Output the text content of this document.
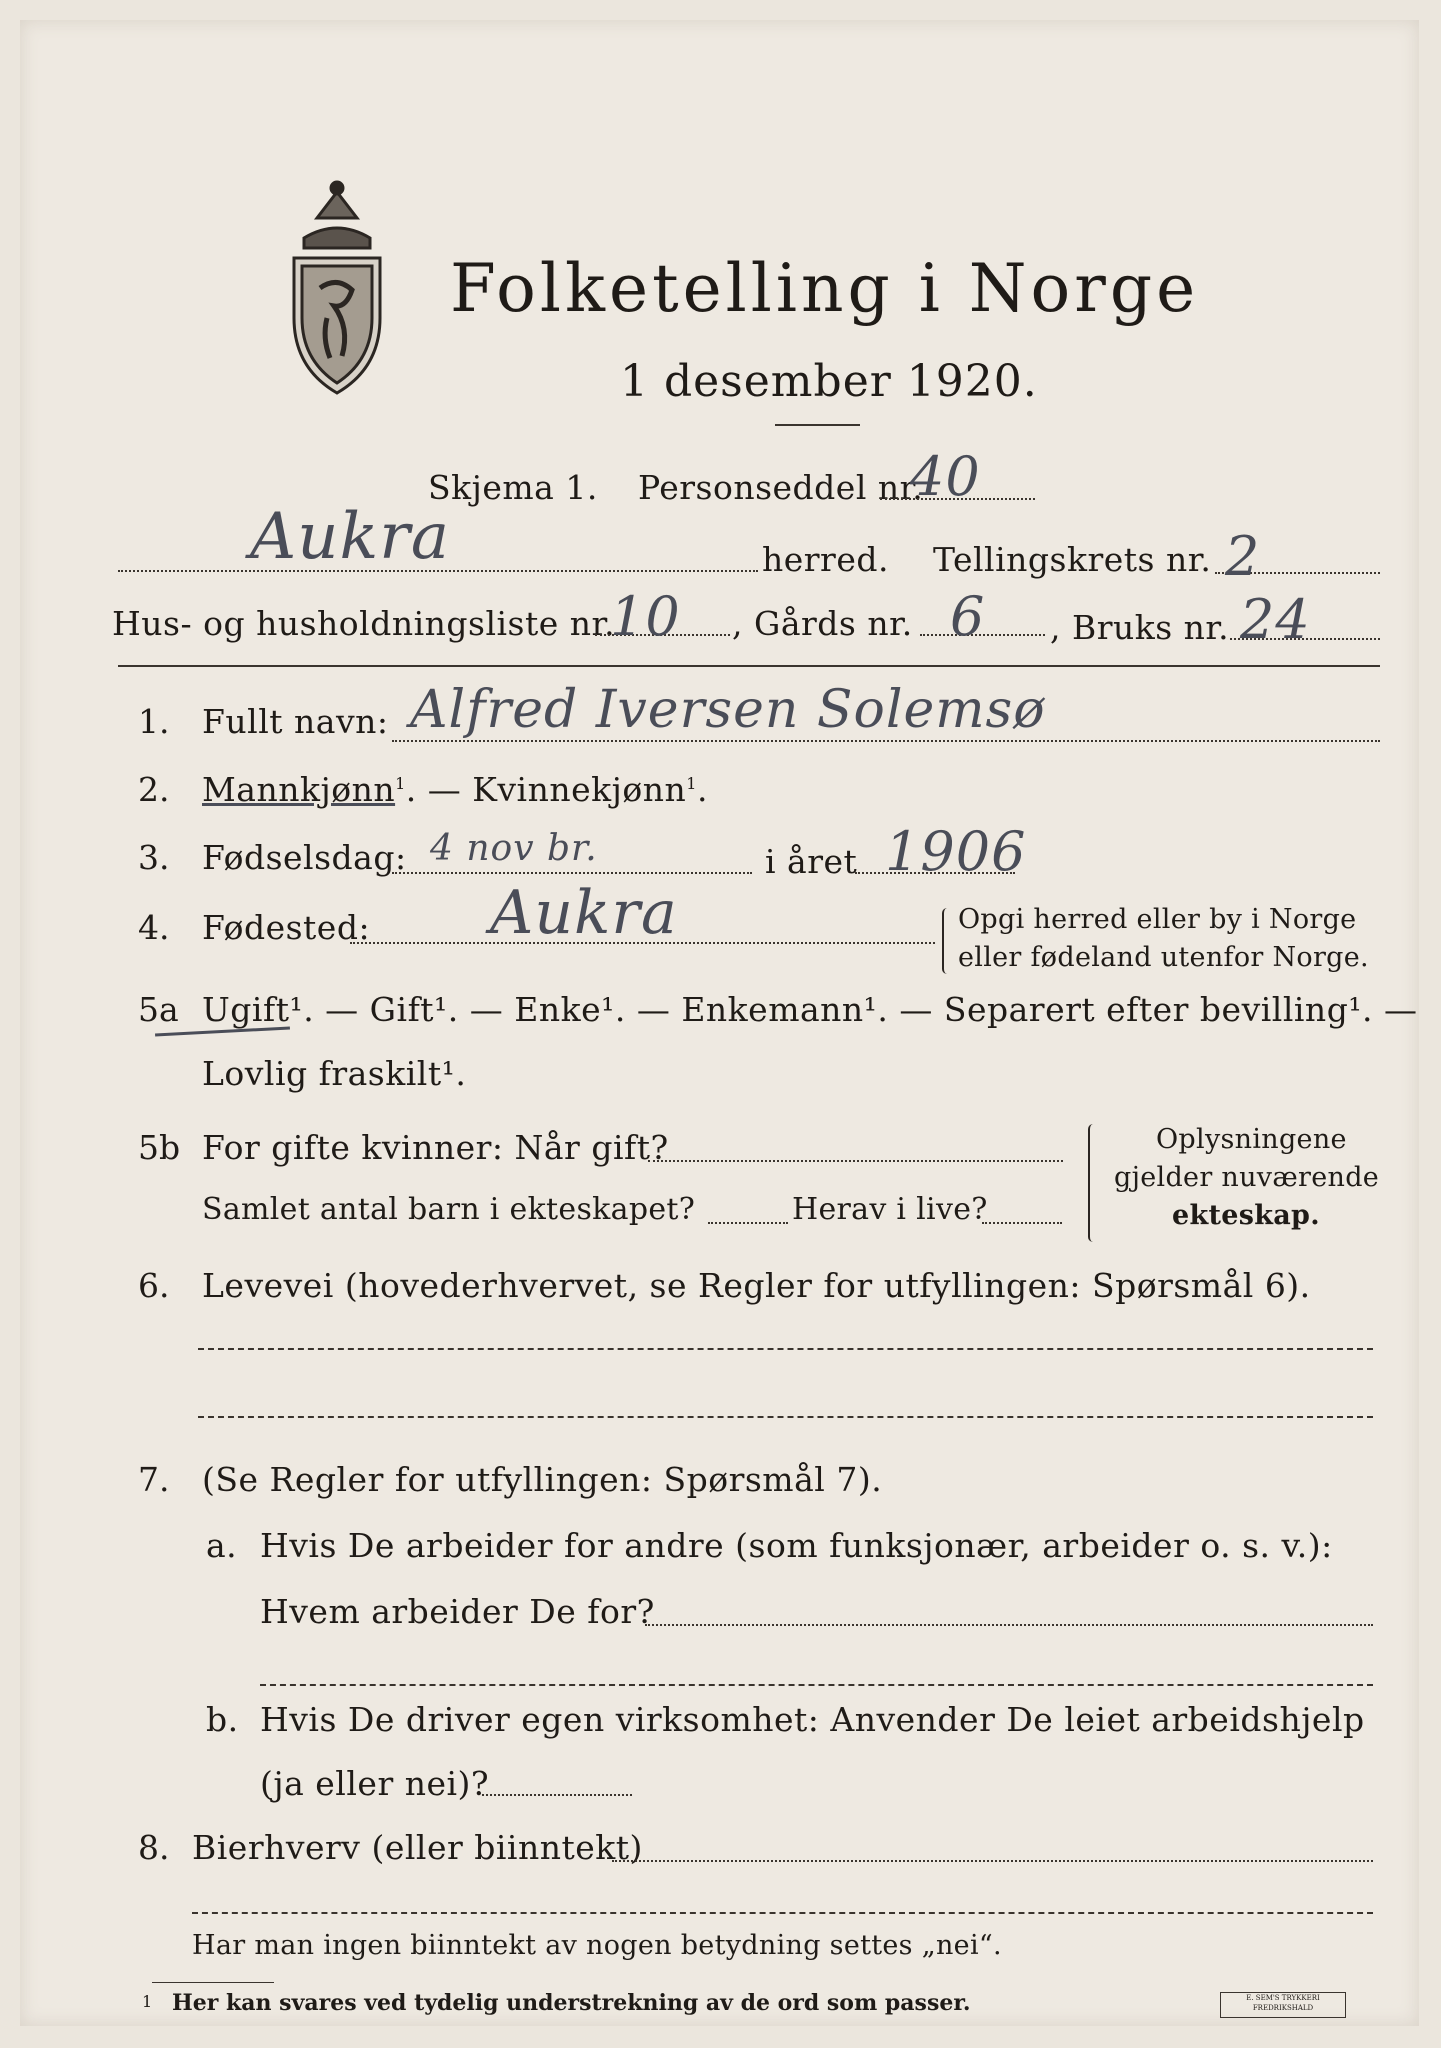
Folketelling i Norge
1 desember 1920.
Skjema 1. Personseddel nr.
40
Aukra	herred. Tellingskrets nr. 2
Hus- og husholdningsliste nr.
10 , Gårds nr. 6 , Bruks nr. 24
1. Fullt navn: Alfred Iversen Solemsø
2. Mannkjønn$^1$. — Kvinnekjønn$^1$.
3. Fødselsdag: 4 nov br.	i året 1906
4. Fødested: Aukra	Opgi herred eller by i Norge
eller fødeland utenfor Norge.
5a Ugift¹. — Gift¹. — Enke¹. — Enkemann¹. — Separert efter bevilling¹. —
Lovlig fraskilt¹.
5b For gifte kvinner: Når gift?
Samlet antal barn i ekteskapet?	Herav i live?
Oplysningene
gjelder nuværende
ekteskap.
6. Levevei (hovederhvervet, se Regler for utfyllingen: Spørsmål 6).
7. (Se Regler for utfyllingen: Spørsmål 7).
a. Hvis De arbeider for andre (som funksjonær, arbeider o. s. v.):
Hvem arbeider De for?
b. Hvis De driver egen virksomhet: Anvender De leiet arbeidshjelp
(ja eller nei)?
8. Bierhverv (eller biinntekt)
Har man ingen biinntekt av nogen betydning settes „nei“.
1 Her kan svares ved tydelig understrekning av de ord som passer.	E. SEM'S TRYKKERI FREDRIKSHALD
